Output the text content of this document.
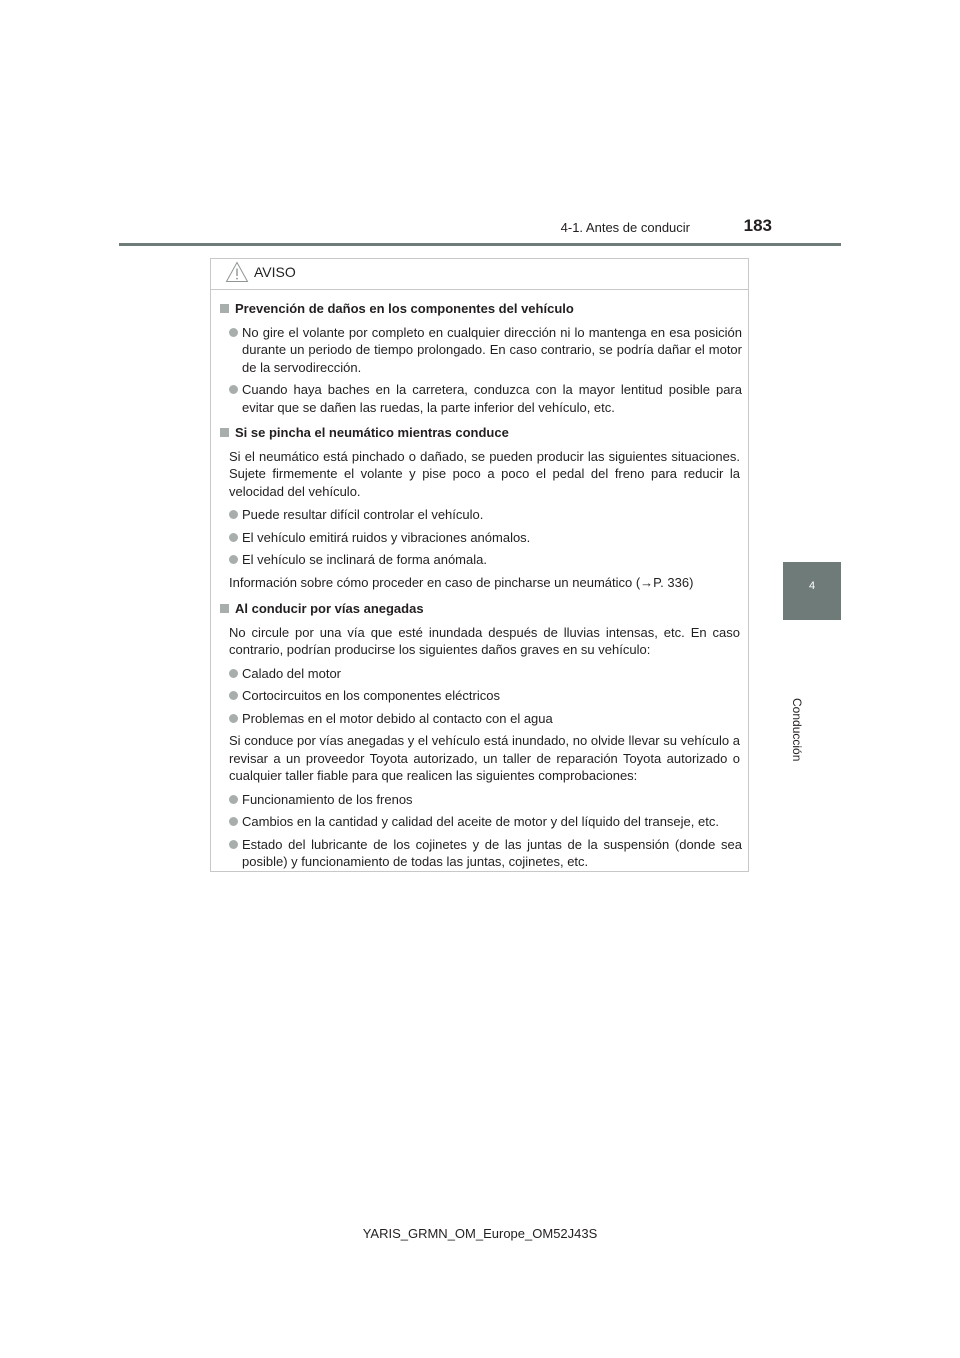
4-1. Antes de conducir	183
4
Conducción
AVISO
Prevención de daños en los componentes del vehículo
No gire el volante por completo en cualquier dirección ni lo mantenga en esa posición durante un periodo de tiempo prolongado. En caso contrario, se podría dañar el motor de la servodirección.
Cuando haya baches en la carretera, conduzca con la mayor lentitud posible para evitar que se dañen las ruedas, la parte inferior del vehículo, etc.
Si se pincha el neumático mientras conduce
Si el neumático está pinchado o dañado, se pueden producir las siguientes situaciones. Sujete firmemente el volante y pise poco a poco el pedal del freno para reducir la velocidad del vehículo.
Puede resultar difícil controlar el vehículo.
El vehículo emitirá ruidos y vibraciones anómalos.
El vehículo se inclinará de forma anómala.
Información sobre cómo proceder en caso de pincharse un neumático (→P. 336)
Al conducir por vías anegadas
No circule por una vía que esté inundada después de lluvias intensas, etc. En caso contrario, podrían producirse los siguientes daños graves en su vehículo:
Calado del motor
Cortocircuitos en los componentes eléctricos
Problemas en el motor debido al contacto con el agua
Si conduce por vías anegadas y el vehículo está inundado, no olvide llevar su vehículo a revisar a un proveedor Toyota autorizado, un taller de reparación Toyota autorizado o cualquier taller fiable para que realicen las siguientes comprobaciones:
Funcionamiento de los frenos
Cambios en la cantidad y calidad del aceite de motor y del líquido del transeje, etc.
Estado del lubricante de los cojinetes y de las juntas de la suspensión (donde sea posible) y funcionamiento de todas las juntas, cojinetes, etc.
YARIS_GRMN_OM_Europe_OM52J43S
